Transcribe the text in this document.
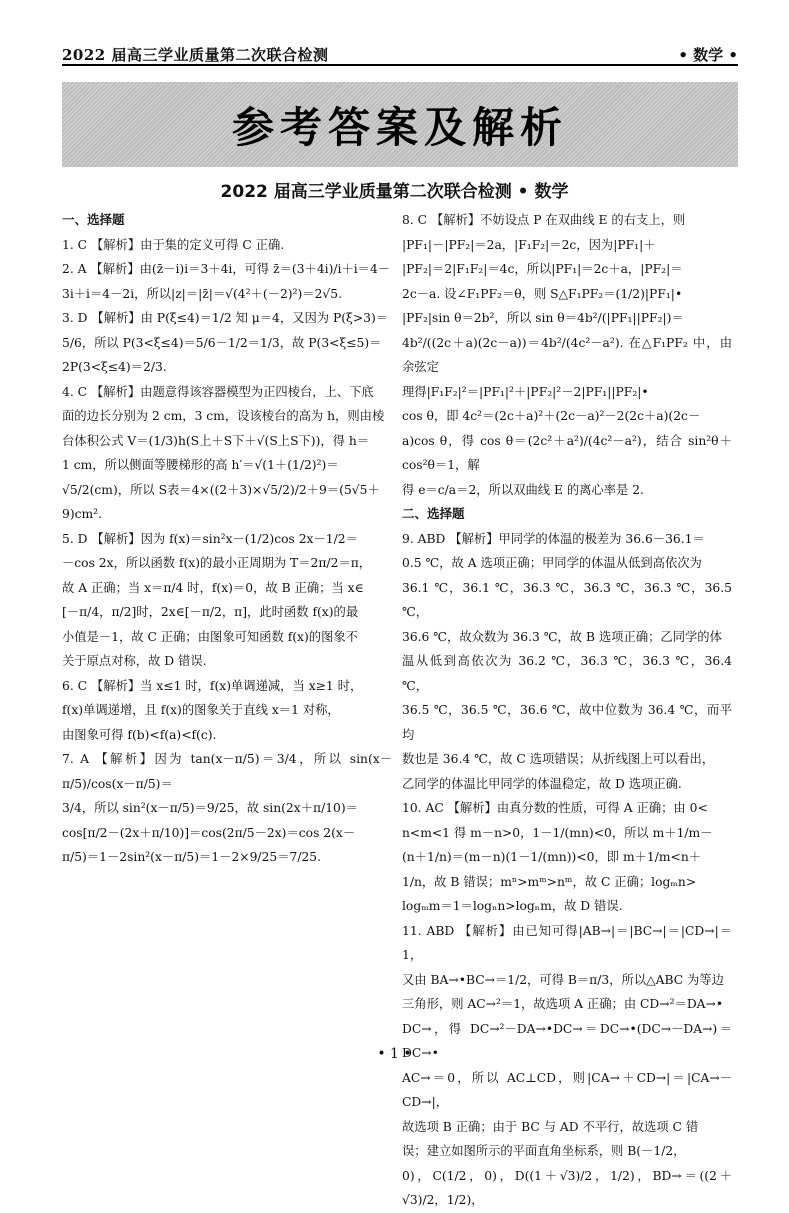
2022 届高三学业质量第二次联合检测	• 数学 •
参考答案及解析
2022 届高三学业质量第二次联合检测 • 数学
一、选择题
1. C 【解析】由于集的定义可得 C 正确.
2. A 【解析】由(z̄－i)i＝3＋4i，可得 z̄＝(3＋4i)/i＋i＝4－
3i＋i＝4－2i，所以|z|＝|z̄|＝√(4²＋(－2)²)＝2√5.
3. D 【解析】由 P(ξ≤4)＝1/2 知 μ＝4，又因为 P(ξ>3)＝
5/6，所以 P(3<ξ≤4)＝5/6－1/2＝1/3，故 P(3<ξ≤5)＝
2P(3<ξ≤4)＝2/3.
4. C 【解析】由题意得该容器模型为正四棱台，上、下底
面的边长分别为 2 cm，3 cm，设该棱台的高为 h，则由棱
台体积公式 V＝(1/3)h(S上＋S下＋√(S上S下))，得 h＝
1 cm，所以侧面等腰梯形的高 h′＝√(1＋(1/2)²)＝
√5/2(cm)，所以 S表＝4×((2＋3)×√5/2)/2＋9＝(5√5＋
9)cm².
5. D 【解析】因为 f(x)＝sin²x－(1/2)cos 2x－1/2＝
－cos 2x，所以函数 f(x)的最小正周期为 T＝2π/2＝π，
故 A 正确；当 x＝π/4 时，f(x)＝0，故 B 正确；当 x∈
[－π/4，π/2]时，2x∈[－π/2，π]，此时函数 f(x)的最
小值是－1，故 C 正确；由图象可知函数 f(x)的图象不
关于原点对称，故 D 错误.
6. C 【解析】当 x≤1 时，f(x)单调递减，当 x≥1 时，
f(x)单调递增，且 f(x)的图象关于直线 x＝1 对称，
由图象可得 f(b)<f(a)<f(c).
7. A 【解析】因为 tan(x－π/5)＝3/4，所以 sin(x－π/5)/cos(x－π/5)＝
3/4，所以 sin²(x－π/5)＝9/25，故 sin(2x＋π/10)＝
cos[π/2－(2x＋π/10)]＝cos(2π/5－2x)＝cos 2(x－
π/5)＝1－2sin²(x－π/5)＝1－2×9/25＝7/25.
8. C 【解析】不妨设点 P 在双曲线 E 的右支上，则
|PF₁|－|PF₂|＝2a，|F₁F₂|＝2c，因为|PF₁|＋
|PF₂|＝2|F₁F₂|＝4c，所以|PF₁|＝2c＋a，|PF₂|＝
2c－a. 设∠F₁PF₂＝θ，则 S△F₁PF₂＝(1/2)|PF₁|•
|PF₂|sin θ＝2b²，所以 sin θ＝4b²/(|PF₁||PF₂|)＝
4b²/((2c＋a)(2c－a))＝4b²/(4c²－a²). 在△F₁PF₂ 中，由余弦定
理得|F₁F₂|²＝|PF₁|²＋|PF₂|²－2|PF₁||PF₂|•
cos θ，即 4c²＝(2c＋a)²＋(2c－a)²－2(2c＋a)(2c－
a)cos θ，得 cos θ＝(2c²＋a²)/(4c²－a²)，结合 sin²θ＋cos²θ＝1，解
得 e＝c/a＝2，所以双曲线 E 的离心率是 2.
二、选择题
9. ABD 【解析】甲同学的体温的极差为 36.6－36.1＝
0.5 ℃，故 A 选项正确；甲同学的体温从低到高依次为
36.1 ℃，36.1 ℃，36.3 ℃，36.3 ℃，36.3 ℃，36.5 ℃，
36.6 ℃，故众数为 36.3 ℃，故 B 选项正确；乙同学的体
温从低到高依次为 36.2 ℃，36.3 ℃，36.3 ℃，36.4 ℃，
36.5 ℃，36.5 ℃，36.6 ℃，故中位数为 36.4 ℃，而平均
数也是 36.4 ℃，故 C 选项错误；从折线图上可以看出，
乙同学的体温比甲同学的体温稳定，故 D 选项正确.
10. AC 【解析】由真分数的性质，可得 A 正确；由 0<
n<m<1 得 m－n>0，1－1/(mn)<0，所以 m＋1/m－
(n＋1/n)＝(m－n)(1－1/(mn))<0，即 m＋1/m<n＋
1/n，故 B 错误；mⁿ>mᵐ>nᵐ，故 C 正确；logₘn>
logₘm＝1＝logₙn>logₙm，故 D 错误.
11. ABD 【解析】由已知可得|AB→|＝|BC→|＝|CD→|＝1，
又由 BA→•BC→＝1/2，可得 B＝π/3，所以△ABC 为等边
三角形，则 AC→²＝1，故选项 A 正确；由 CD→²＝DA→•
DC→，得 DC→²－DA→•DC→＝DC→•(DC→－DA→)＝DC→•
AC→＝0，所以 AC⊥CD，则|CA→＋CD→|＝|CA→－CD→|，
故选项 B 正确；由于 BC 与 AD 不平行，故选项 C 错
误；建立如图所示的平面直角坐标系，则 B(－1/2，
0)，C(1/2，0)，D((1＋√3)/2，1/2)，BD→＝((2＋√3)/2，1/2)，
• 1 •
